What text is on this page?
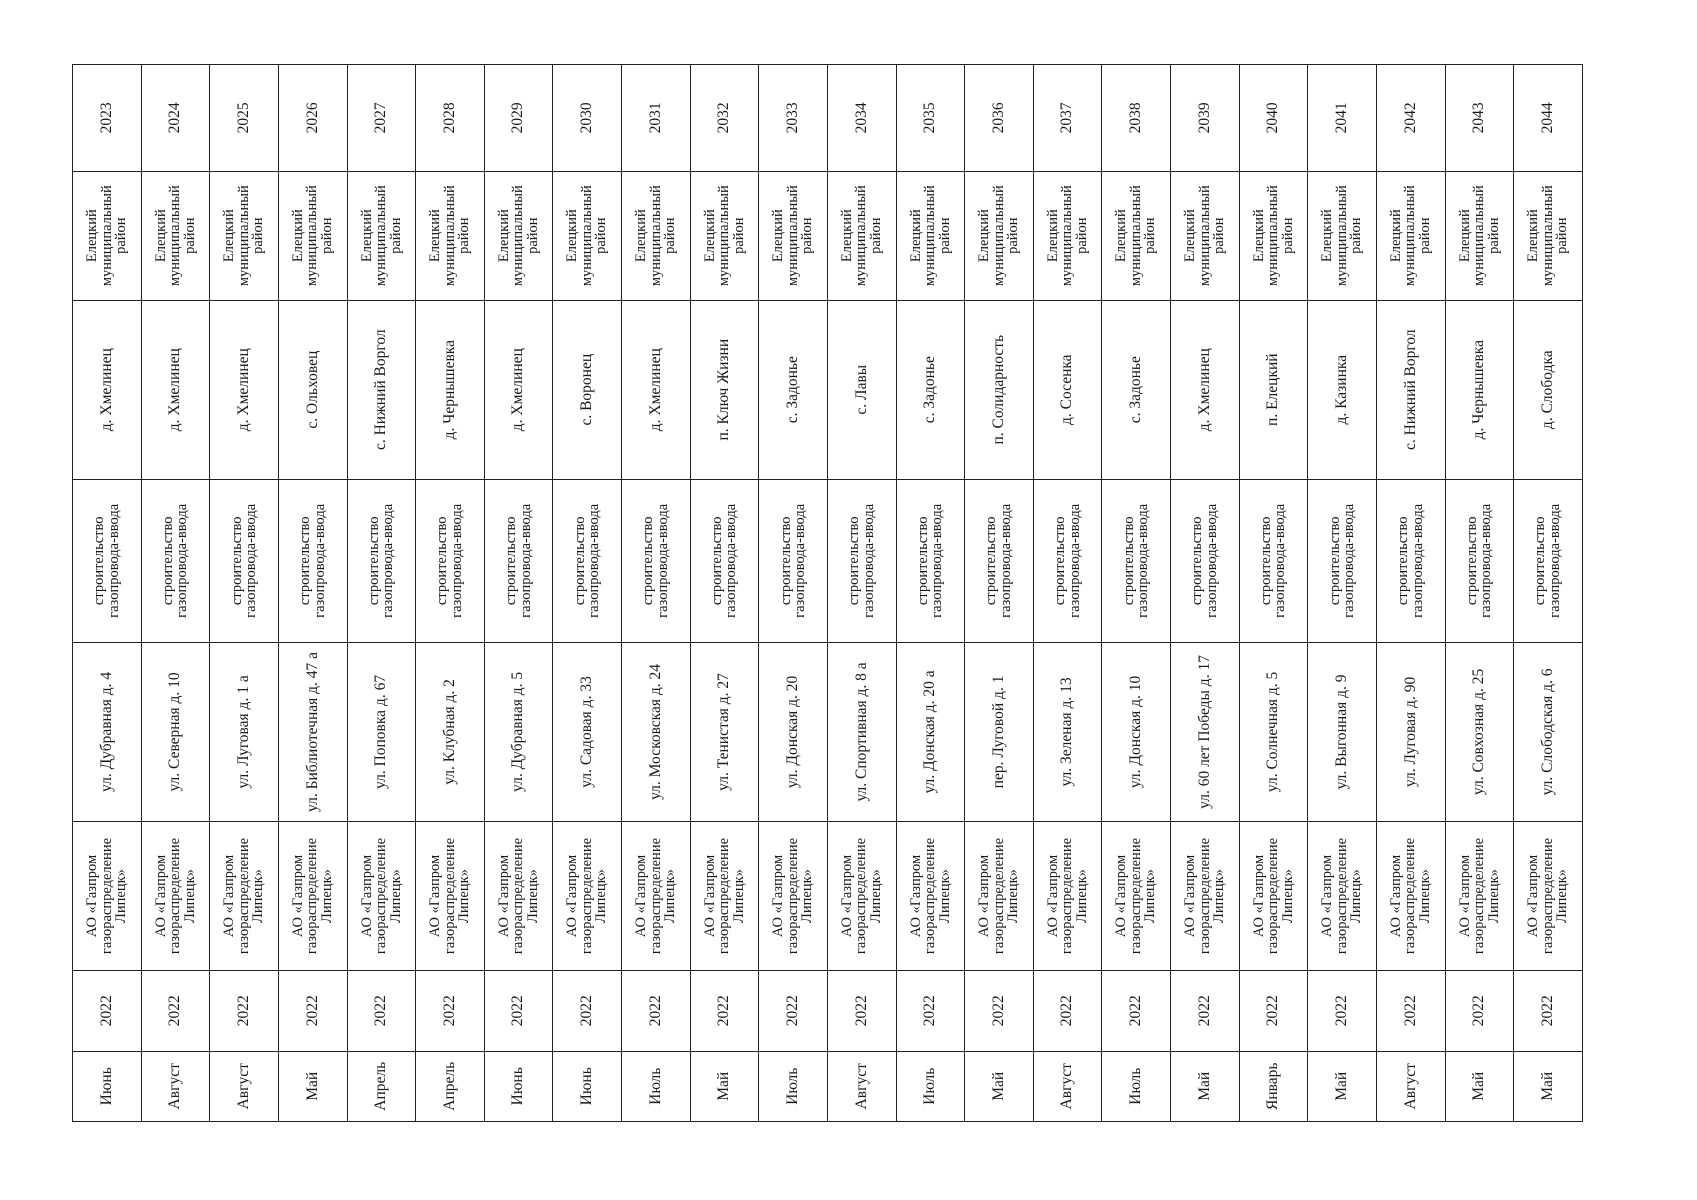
Июнь	2022	АО «Газпром газораспределение Липецк»	ул. Дубравная д. 4	строительство газопровода-ввода	д. Хмелинец	Елецкий муниципальный район	2023
Август	2022	АО «Газпром газораспределение Липецк»	ул. Северная д. 10	строительство газопровода-ввода	д. Хмелинец	Елецкий муниципальный район	2024
Август	2022	АО «Газпром газораспределение Липецк»	ул. Луговая д. 1 а	строительство газопровода-ввода	д. Хмелинец	Елецкий муниципальный район	2025
Май	2022	АО «Газпром газораспределение Липецк»	ул. Библиотечная д. 47 а	строительство газопровода-ввода	с. Ольховец	Елецкий муниципальный район	2026
Апрель	2022	АО «Газпром газораспределение Липецк»	ул. Поповка д. 67	строительство газопровода-ввода	с. Нижний Воргол	Елецкий муниципальный район	2027
Апрель	2022	АО «Газпром газораспределение Липецк»	ул. Клубная д. 2	строительство газопровода-ввода	д. Чернышевка	Елецкий муниципальный район	2028
Июнь	2022	АО «Газпром газораспределение Липецк»	ул. Дубравная д. 5	строительство газопровода-ввода	д. Хмелинец	Елецкий муниципальный район	2029
Июнь	2022	АО «Газпром газораспределение Липецк»	ул. Садовая д. 33	строительство газопровода-ввода	с. Воронец	Елецкий муниципальный район	2030
Июль	2022	АО «Газпром газораспределение Липецк»	ул. Московская д. 24	строительство газопровода-ввода	д. Хмелинец	Елецкий муниципальный район	2031
Май	2022	АО «Газпром газораспределение Липецк»	ул. Тенистая д. 27	строительство газопровода-ввода	п. Ключ Жизни	Елецкий муниципальный район	2032
Июль	2022	АО «Газпром газораспределение Липецк»	ул. Донская д. 20	строительство газопровода-ввода	с. Задонье	Елецкий муниципальный район	2033
Август	2022	АО «Газпром газораспределение Липецк»	ул. Спортивная д. 8 а	строительство газопровода-ввода	с. Лавы	Елецкий муниципальный район	2034
Июль	2022	АО «Газпром газораспределение Липецк»	ул. Донская д. 20 а	строительство газопровода-ввода	с. Задонье	Елецкий муниципальный район	2035
Май	2022	АО «Газпром газораспределение Липецк»	пер. Луговой д. 1	строительство газопровода-ввода	п. Солидарность	Елецкий муниципальный район	2036
Август	2022	АО «Газпром газораспределение Липецк»	ул. Зеленая д. 13	строительство газопровода-ввода	д. Сосенка	Елецкий муниципальный район	2037
Июль	2022	АО «Газпром газораспределение Липецк»	ул. Донская д. 10	строительство газопровода-ввода	с. Задонье	Елецкий муниципальный район	2038
Май	2022	АО «Газпром газораспределение Липецк»	ул. 60 лет Победы д. 17	строительство газопровода-ввода	д. Хмелинец	Елецкий муниципальный район	2039
Январь	2022	АО «Газпром газораспределение Липецк»	ул. Солнечная д. 5	строительство газопровода-ввода	п. Елецкий	Елецкий муниципальный район	2040
Май	2022	АО «Газпром газораспределение Липецк»	ул. Выгонная д. 9	строительство газопровода-ввода	д. Казинка	Елецкий муниципальный район	2041
Август	2022	АО «Газпром газораспределение Липецк»	ул. Луговая д. 90	строительство газопровода-ввода	с. Нижний Воргол	Елецкий муниципальный район	2042
Май	2022	АО «Газпром газораспределение Липецк»	ул. Совхозная д. 25	строительство газопровода-ввода	д. Чернышевка	Елецкий муниципальный район	2043
Май	2022	АО «Газпром газораспределение Липецк»	ул. Слободская д. 6	строительство газопровода-ввода	д. Слободка	Елецкий муниципальный район	2044
